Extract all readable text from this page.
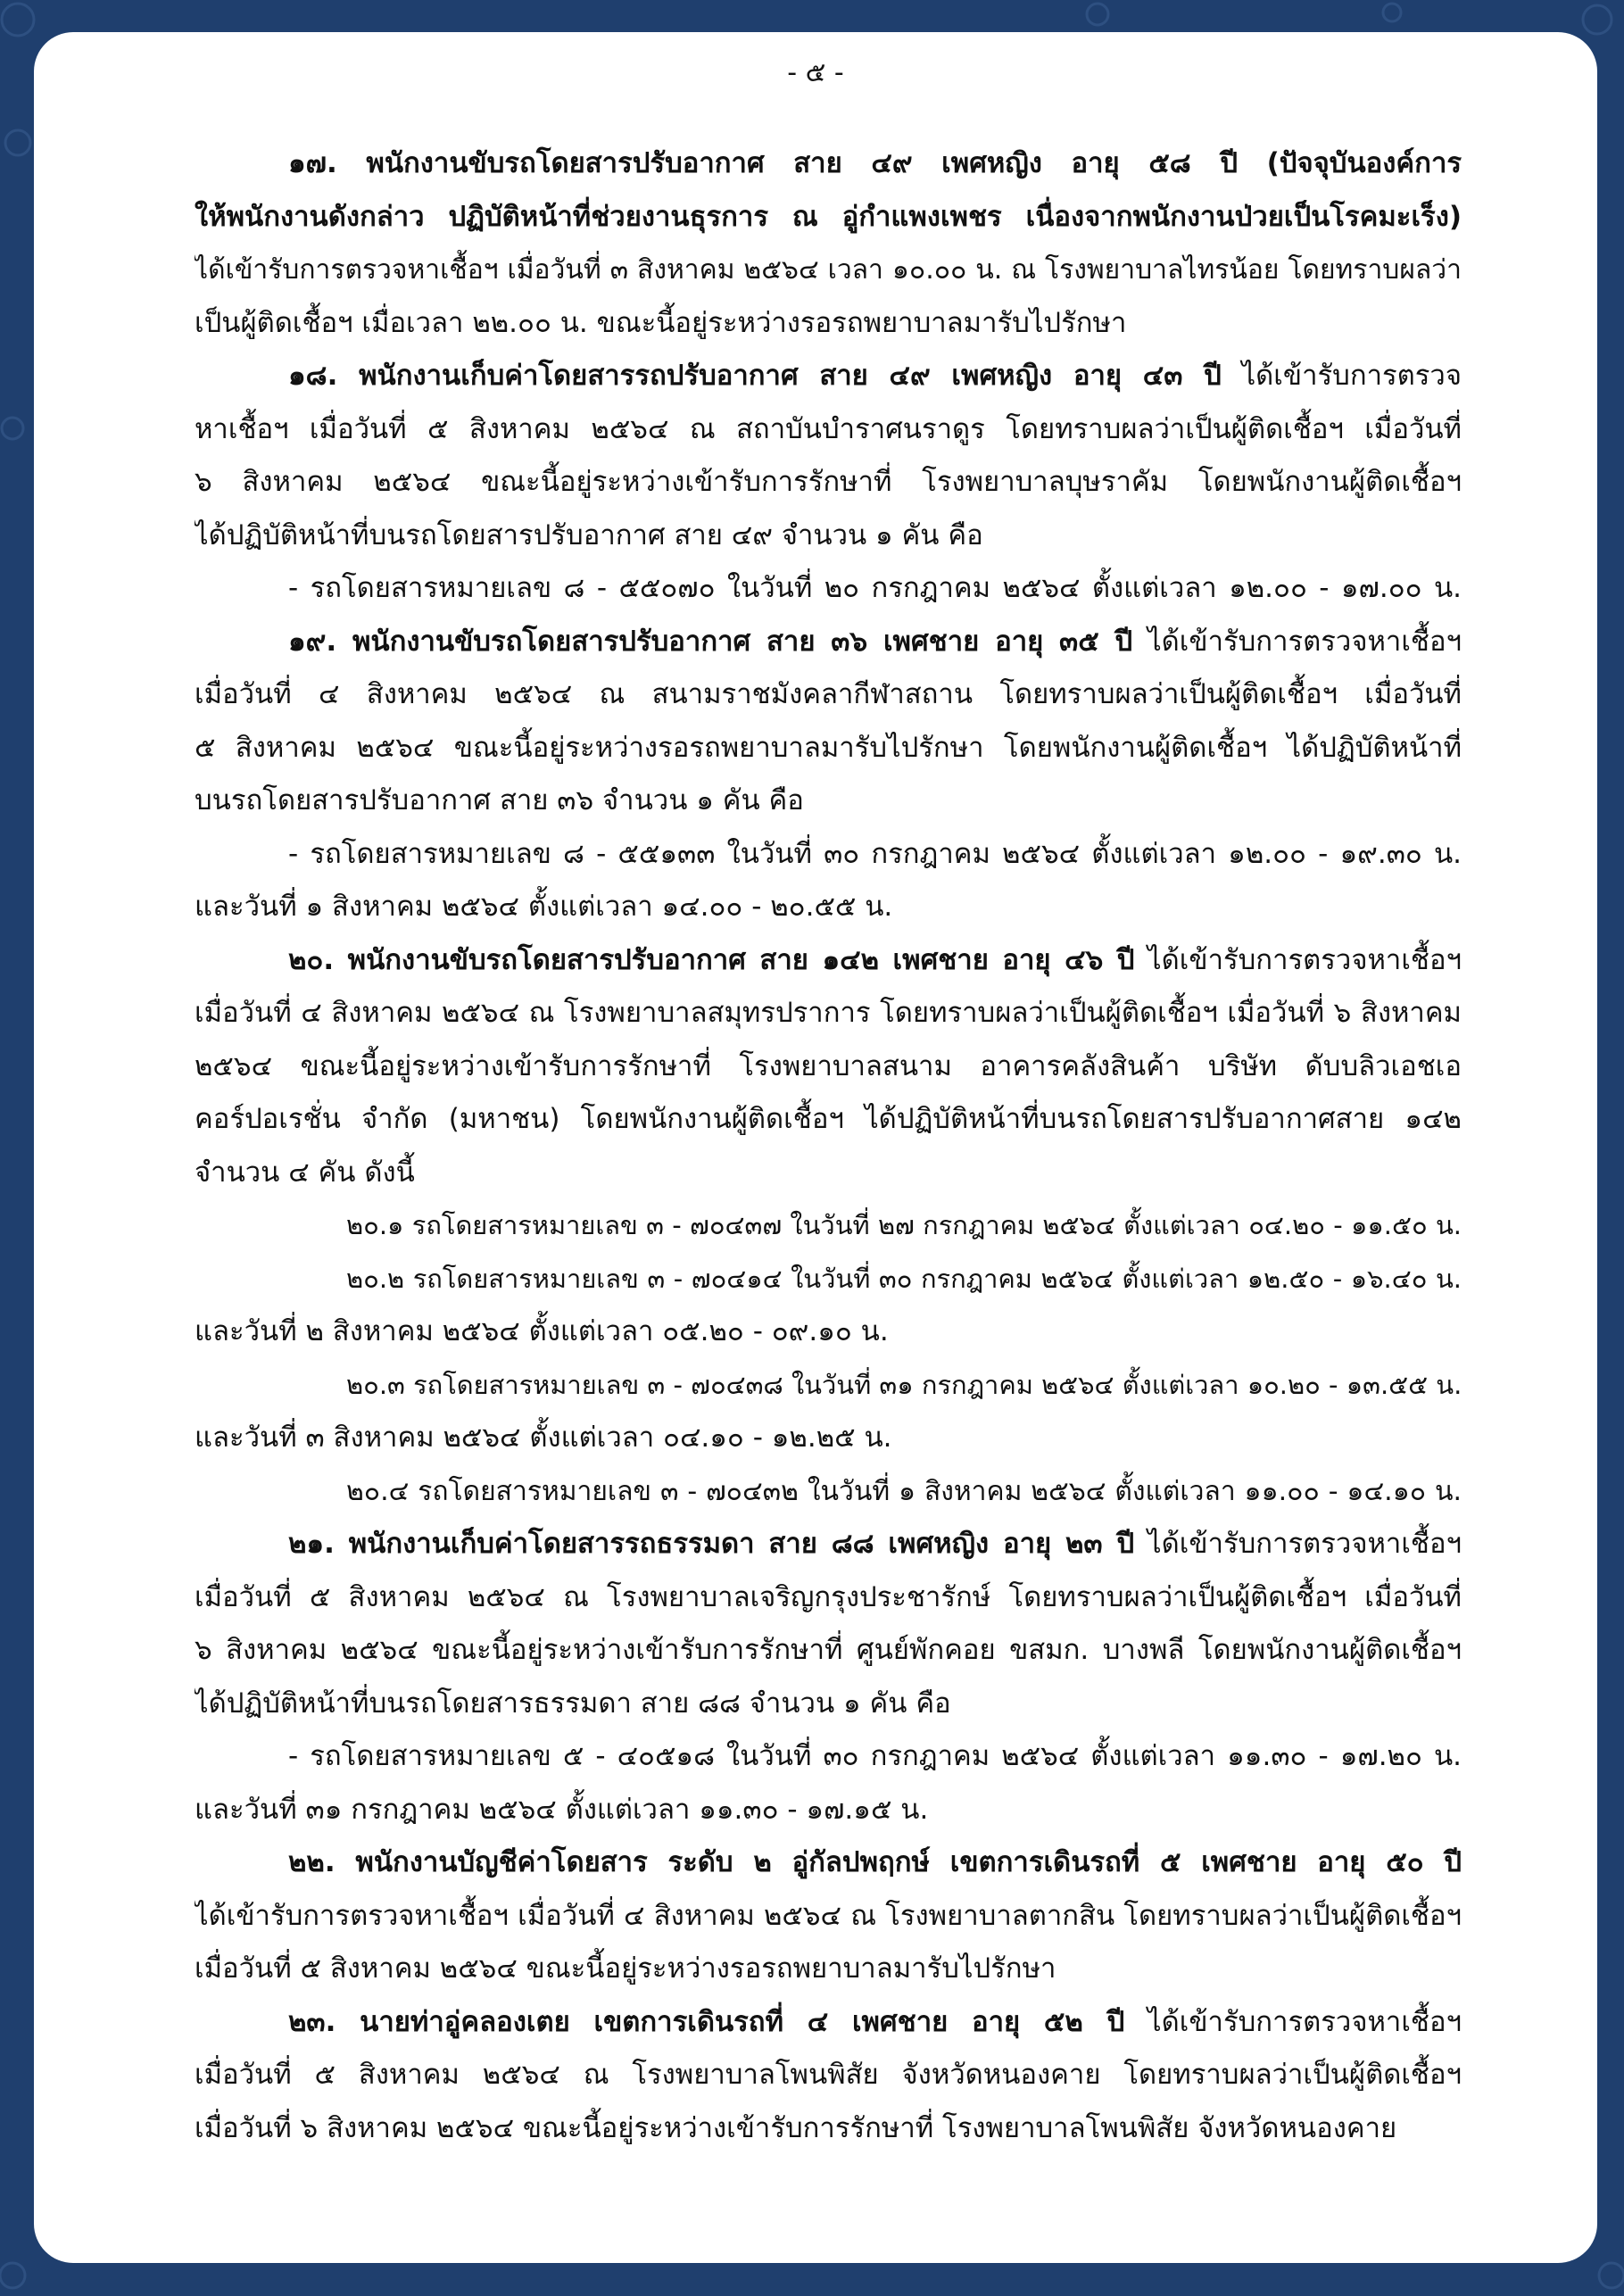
- ๕ -
๑๗. พนักงานขับรถโดยสารปรับอากาศ สาย ๔๙ เพศหญิง อายุ ๕๘ ปี (ปัจจุบันองค์การ
ให้พนักงานดังกล่าว ปฏิบัติหน้าที่ช่วยงานธุรการ ณ อู่กำแพงเพชร เนื่องจากพนักงานป่วยเป็นโรคมะเร็ง)
ได้เข้ารับการตรวจหาเชื้อฯ เมื่อวันที่ ๓ สิงหาคม ๒๕๖๔ เวลา ๑๐.๐๐ น. ณ โรงพยาบาลไทรน้อย โดยทราบผลว่า
เป็นผู้ติดเชื้อฯ เมื่อเวลา ๒๒.๐๐ น. ขณะนี้อยู่ระหว่างรอรถพยาบาลมารับไปรักษา
๑๘. พนักงานเก็บค่าโดยสารรถปรับอากาศ สาย ๔๙ เพศหญิง อายุ ๔๓ ปี ได้เข้ารับการตรวจ
หาเชื้อฯ เมื่อวันที่ ๕ สิงหาคม ๒๕๖๔ ณ สถาบันบำราศนราดูร โดยทราบผลว่าเป็นผู้ติดเชื้อฯ เมื่อวันที่
๖ สิงหาคม ๒๕๖๔ ขณะนี้อยู่ระหว่างเข้ารับการรักษาที่ โรงพยาบาลบุษราคัม โดยพนักงานผู้ติดเชื้อฯ
ได้ปฏิบัติหน้าที่บนรถโดยสารปรับอากาศ สาย ๔๙ จำนวน ๑ คัน คือ
- รถโดยสารหมายเลข ๘ - ๕๕๐๗๐ ในวันที่ ๒๐ กรกฎาคม ๒๕๖๔ ตั้งแต่เวลา ๑๒.๐๐ - ๑๗.๐๐ น.
๑๙. พนักงานขับรถโดยสารปรับอากาศ สาย ๓๖ เพศชาย อายุ ๓๕ ปี ได้เข้ารับการตรวจหาเชื้อฯ
เมื่อวันที่ ๔ สิงหาคม ๒๕๖๔ ณ สนามราชมังคลากีฬาสถาน โดยทราบผลว่าเป็นผู้ติดเชื้อฯ เมื่อวันที่
๕ สิงหาคม ๒๕๖๔ ขณะนี้อยู่ระหว่างรอรถพยาบาลมารับไปรักษา โดยพนักงานผู้ติดเชื้อฯ ได้ปฏิบัติหน้าที่
บนรถโดยสารปรับอากาศ สาย ๓๖ จำนวน ๑ คัน คือ
- รถโดยสารหมายเลข ๘ - ๕๕๑๓๓ ในวันที่ ๓๐ กรกฎาคม ๒๕๖๔ ตั้งแต่เวลา ๑๒.๐๐ - ๑๙.๓๐ น.
และวันที่ ๑ สิงหาคม ๒๕๖๔ ตั้งแต่เวลา ๑๔.๐๐ - ๒๐.๕๕ น.
๒๐. พนักงานขับรถโดยสารปรับอากาศ สาย ๑๔๒ เพศชาย อายุ ๔๖ ปี ได้เข้ารับการตรวจหาเชื้อฯ
เมื่อวันที่ ๔ สิงหาคม ๒๕๖๔ ณ โรงพยาบาลสมุทรปราการ โดยทราบผลว่าเป็นผู้ติดเชื้อฯ เมื่อวันที่ ๖ สิงหาคม
๒๕๖๔ ขณะนี้อยู่ระหว่างเข้ารับการรักษาที่ โรงพยาบาลสนาม อาคารคลังสินค้า บริษัท ดับบลิวเอชเอ
คอร์ปอเรชั่น จำกัด (มหาชน) โดยพนักงานผู้ติดเชื้อฯ ได้ปฏิบัติหน้าที่บนรถโดยสารปรับอากาศสาย ๑๔๒
จำนวน ๔ คัน ดังนี้
๒๐.๑ รถโดยสารหมายเลข ๓ - ๗๐๔๓๗ ในวันที่ ๒๗ กรกฎาคม ๒๕๖๔ ตั้งแต่เวลา ๐๔.๒๐ - ๑๑.๕๐ น.
๒๐.๒ รถโดยสารหมายเลข ๓ - ๗๐๔๑๔ ในวันที่ ๓๐ กรกฎาคม ๒๕๖๔ ตั้งแต่เวลา ๑๒.๕๐ - ๑๖.๔๐ น.
และวันที่ ๒ สิงหาคม ๒๕๖๔ ตั้งแต่เวลา ๐๕.๒๐ - ๐๙.๑๐ น.
๒๐.๓ รถโดยสารหมายเลข ๓ - ๗๐๔๓๘ ในวันที่ ๓๑ กรกฎาคม ๒๕๖๔ ตั้งแต่เวลา ๑๐.๒๐ - ๑๓.๕๕ น.
และวันที่ ๓ สิงหาคม ๒๕๖๔ ตั้งแต่เวลา ๐๔.๑๐ - ๑๒.๒๕ น.
๒๐.๔ รถโดยสารหมายเลข ๓ - ๗๐๔๓๒ ในวันที่ ๑ สิงหาคม ๒๕๖๔ ตั้งแต่เวลา ๑๑.๐๐ - ๑๔.๑๐ น.
๒๑. พนักงานเก็บค่าโดยสารรถธรรมดา สาย ๘๘ เพศหญิง อายุ ๒๓ ปี ได้เข้ารับการตรวจหาเชื้อฯ
เมื่อวันที่ ๕ สิงหาคม ๒๕๖๔ ณ โรงพยาบาลเจริญกรุงประชารักษ์ โดยทราบผลว่าเป็นผู้ติดเชื้อฯ เมื่อวันที่
๖ สิงหาคม ๒๕๖๔ ขณะนี้อยู่ระหว่างเข้ารับการรักษาที่ ศูนย์พักคอย ขสมก. บางพลี โดยพนักงานผู้ติดเชื้อฯ
ได้ปฏิบัติหน้าที่บนรถโดยสารธรรมดา สาย ๘๘ จำนวน ๑ คัน คือ
- รถโดยสารหมายเลข ๕ - ๔๐๕๑๘ ในวันที่ ๓๐ กรกฎาคม ๒๕๖๔ ตั้งแต่เวลา ๑๑.๓๐ - ๑๗.๒๐ น.
และวันที่ ๓๑ กรกฎาคม ๒๕๖๔ ตั้งแต่เวลา ๑๑.๓๐ - ๑๗.๑๕ น.
๒๒. พนักงานบัญชีค่าโดยสาร ระดับ ๒ อู่กัลปพฤกษ์ เขตการเดินรถที่ ๕ เพศชาย อายุ ๕๐ ปี
ได้เข้ารับการตรวจหาเชื้อฯ เมื่อวันที่ ๔ สิงหาคม ๒๕๖๔ ณ โรงพยาบาลตากสิน โดยทราบผลว่าเป็นผู้ติดเชื้อฯ
เมื่อวันที่ ๕ สิงหาคม ๒๕๖๔ ขณะนี้อยู่ระหว่างรอรถพยาบาลมารับไปรักษา
๒๓. นายท่าอู่คลองเตย เขตการเดินรถที่ ๔ เพศชาย อายุ ๕๒ ปี ได้เข้ารับการตรวจหาเชื้อฯ
เมื่อวันที่ ๕ สิงหาคม ๒๕๖๔ ณ โรงพยาบาลโพนพิสัย จังหวัดหนองคาย โดยทราบผลว่าเป็นผู้ติดเชื้อฯ
เมื่อวันที่ ๖ สิงหาคม ๒๕๖๔ ขณะนี้อยู่ระหว่างเข้ารับการรักษาที่ โรงพยาบาลโพนพิสัย จังหวัดหนองคาย
